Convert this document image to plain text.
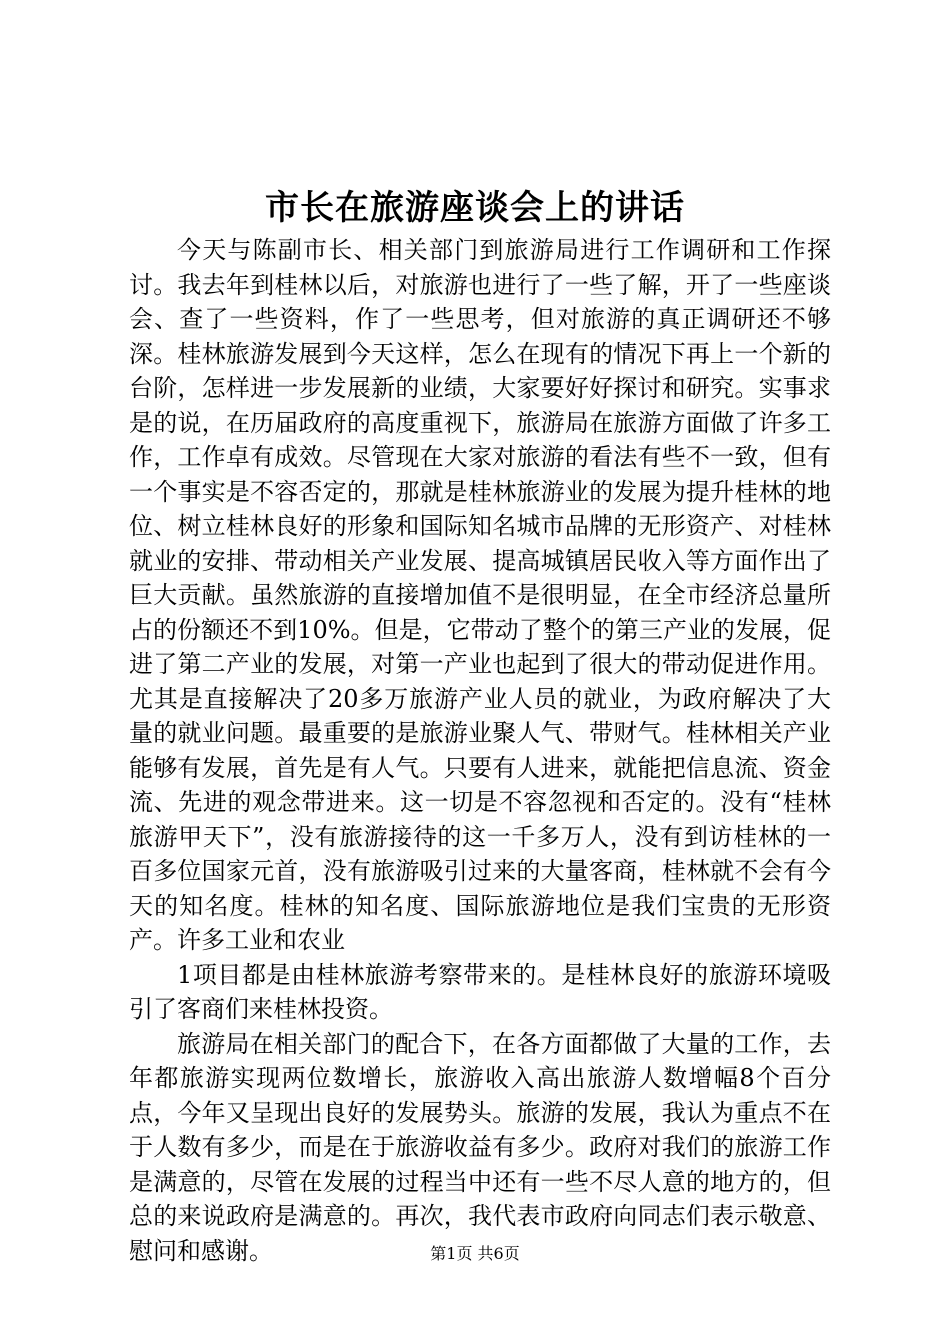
市长在旅游座谈会上的讲话

今天与陈副市长、相关部门到旅游局进行工作调研和工作探讨。我去年到桂林以后，对旅游也进行了一些了解，开了一些座谈会、查了一些资料，作了一些思考，但对旅游的真正调研还不够深。桂林旅游发展到今天这样，怎么在现有的情况下再上一个新的台阶，怎样进一步发展新的业绩，大家要好好探讨和研究。实事求是的说，在历届政府的高度重视下，旅游局在旅游方面做了许多工作，工作卓有成效。尽管现在大家对旅游的看法有些不一致，但有一个事实是不容否定的，那就是桂林旅游业的发展为提升桂林的地位、树立桂林良好的形象和国际知名城市品牌的无形资产、对桂林就业的安排、带动相关产业发展、提高城镇居民收入等方面作出了巨大贡献。虽然旅游的直接增加值不是很明显，在全市经济总量所占的份额还不到10%。但是，它带动了整个的第三产业的发展，促进了第二产业的发展，对第一产业也起到了很大的带动促进作用。尤其是直接解决了20多万旅游产业人员的就业，为政府解决了大量的就业问题。最重要的是旅游业聚人气、带财气。桂林相关产业能够有发展，首先是有人气。只要有人进来，就能把信息流、资金流、先进的观念带进来。这一切是不容忽视和否定的。没有“桂林旅游甲天下”，没有旅游接待的这一千多万人，没有到访桂林的一百多位国家元首，没有旅游吸引过来的大量客商，桂林就不会有今天的知名度。桂林的知名度、国际旅游地位是我们宝贵的无形资产。许多工业和农业

1项目都是由桂林旅游考察带来的。是桂林良好的旅游环境吸引了客商们来桂林投资。

旅游局在相关部门的配合下，在各方面都做了大量的工作，去年都旅游实现两位数增长，旅游收入高出旅游人数增幅8个百分点，今年又呈现出良好的发展势头。旅游的发展，我认为重点不在于人数有多少，而是在于旅游收益有多少。政府对我们的旅游工作是满意的，尽管在发展的过程当中还有一些不尽人意的地方的，但总的来说政府是满意的。再次，我代表市政府向同志们表示敬意、慰问和感谢。	第1页 共6页
